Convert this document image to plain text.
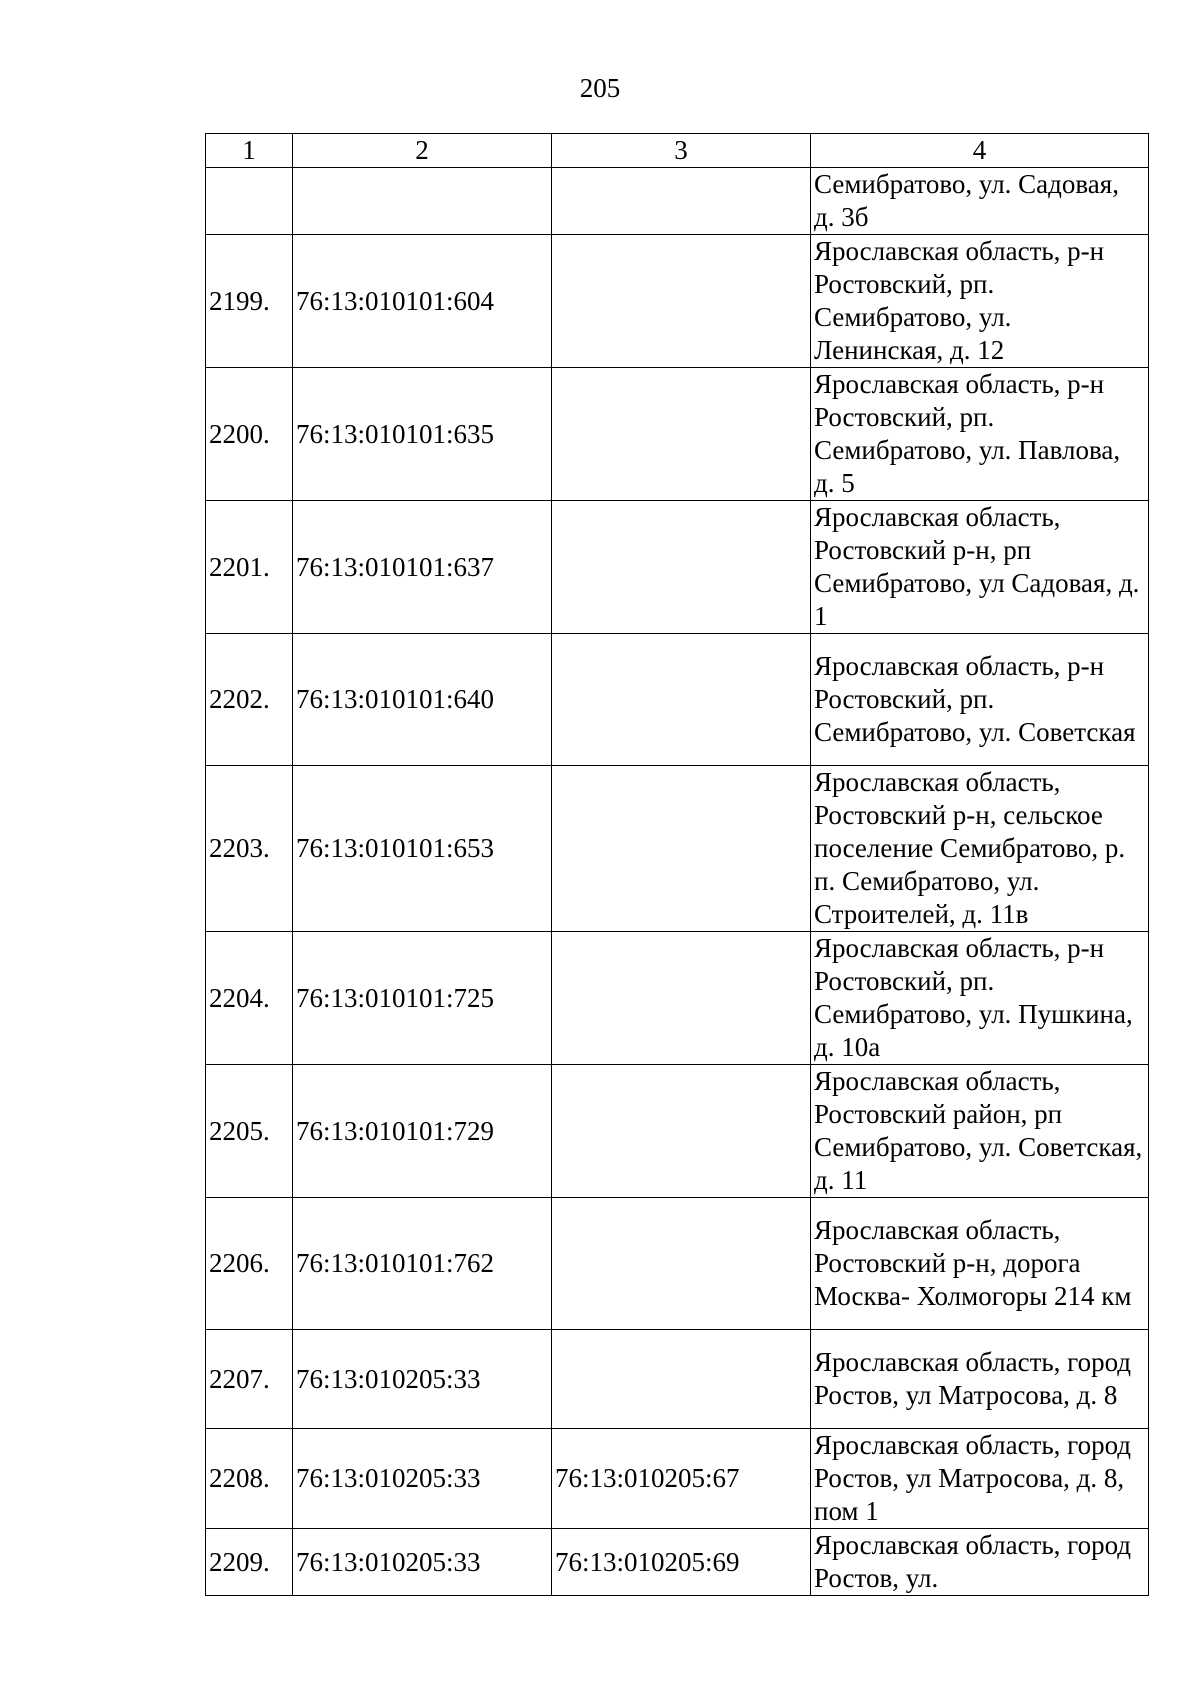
205
1	2	3	4
			Семибратово, ул. Садовая, д. 3б
2199.	76:13:010101:604		Ярославская область, р-н Ростовский, рп. Семибратово, ул. Ленинская, д. 12
2200.	76:13:010101:635		Ярославская область, р-н Ростовский, рп. Семибратово, ул. Павлова, д. 5
2201.	76:13:010101:637		Ярославская область, Ростовский р-н, рп Семибратово, ул Садовая, д. 1
2202.	76:13:010101:640		Ярославская область, р-н Ростовский, рп. Семибратово, ул. Советская
2203.	76:13:010101:653		Ярославская область, Ростовский р-н, сельское поселение Семибратово, р. п. Семибратово, ул. Строителей, д. 11в
2204.	76:13:010101:725		Ярославская область, р-н Ростовский, рп. Семибратово, ул. Пушкина, д. 10а
2205.	76:13:010101:729		Ярославская область, Ростовский район, рп Семибратово, ул. Советская, д. 11
2206.	76:13:010101:762		Ярославская область, Ростовский р-н, дорога Москва- Холмогоры 214 км
2207.	76:13:010205:33		Ярославская область, город Ростов, ул Матросова, д. 8
2208.	76:13:010205:33	76:13:010205:67	Ярославская область, город Ростов, ул Матросова, д. 8, пом 1
2209.	76:13:010205:33	76:13:010205:69	Ярославская область, город Ростов, ул.
